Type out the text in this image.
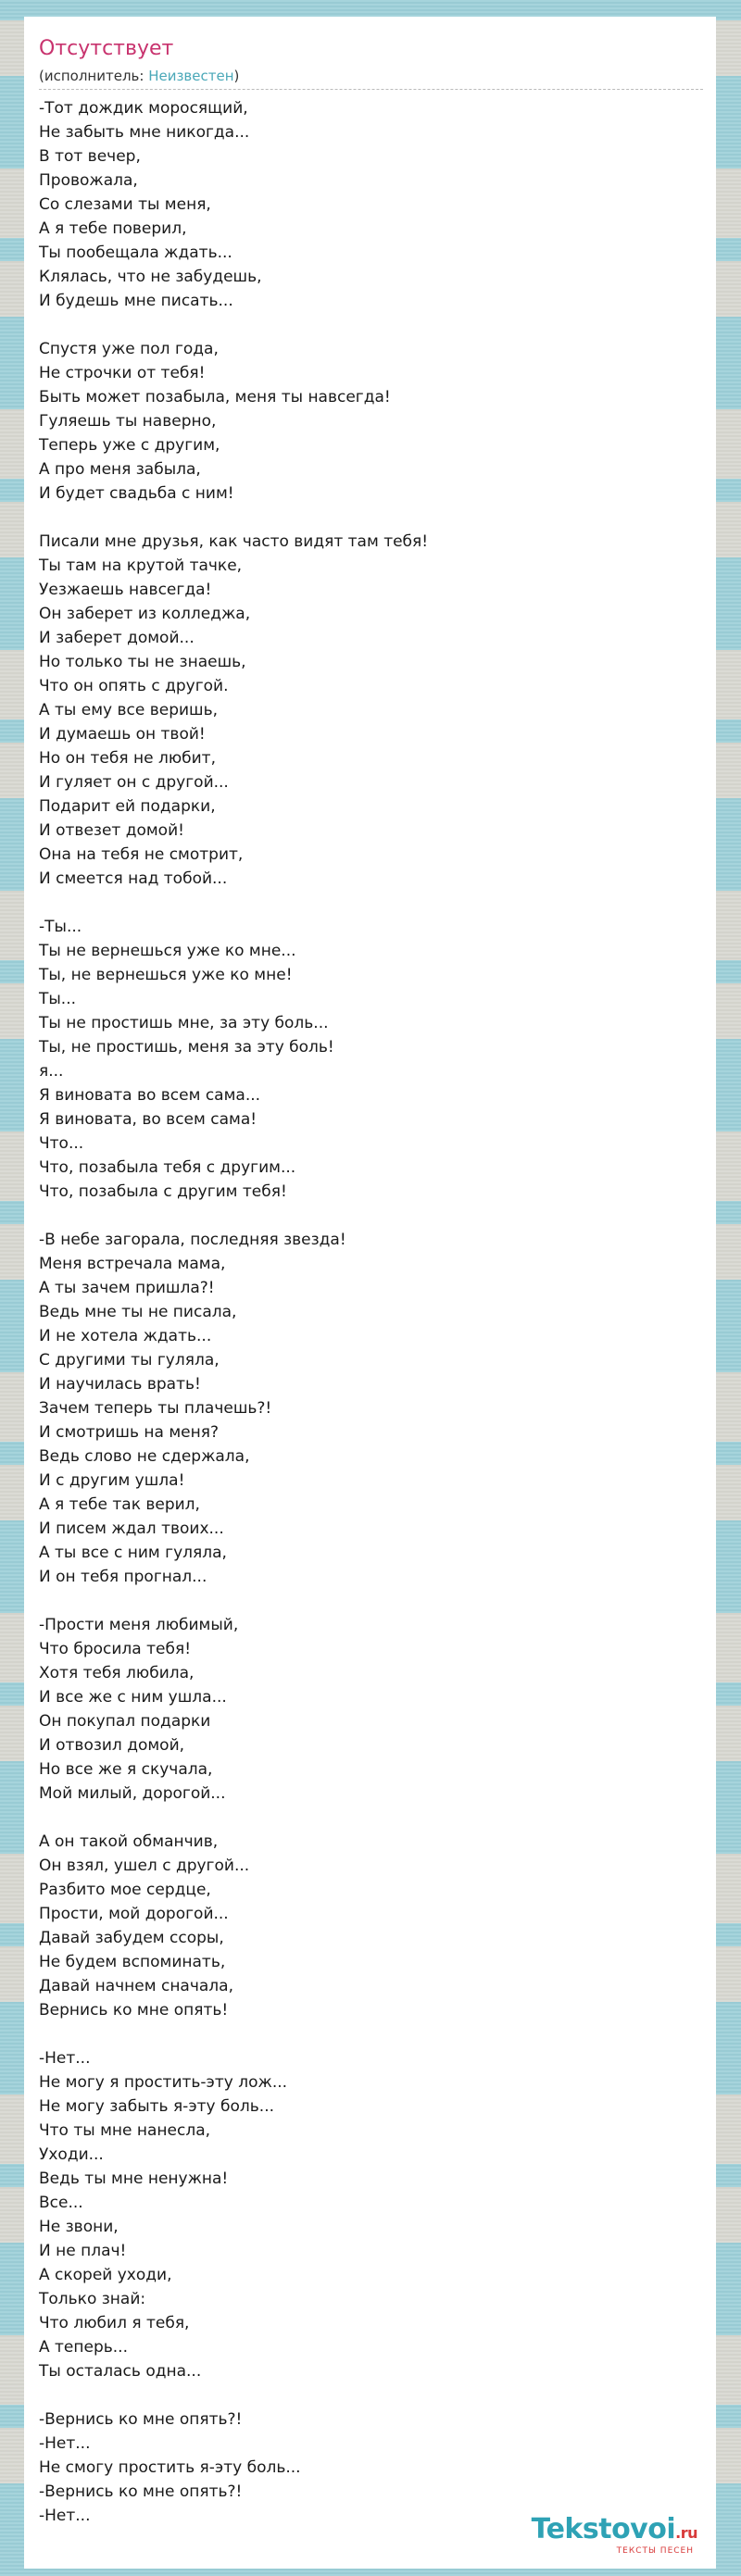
Отсутствует
(исполнитель: Неизвестен)
-Тот дождик моросящий,
Не забыть мне никогда...
В тот вечер,
Провожала,
Со слезами ты меня,
А я тебе поверил,
Ты пообещала ждать...
Клялась, что не забудешь,
И будешь мне писать...
Спустя уже пол года,
Не строчки от тебя!
Быть может позабыла, меня ты навсегда!
Гуляешь ты наверно,
Теперь уже с другим,
А про меня забыла,
И будет свадьба с ним!
Писали мне друзья, как часто видят там тебя!
Ты там на крутой тачке,
Уезжаешь навсегда!
Он заберет из колледжа,
И заберет домой...
Но только ты не знаешь,
Что он опять с другой.
А ты ему все веришь,
И думаешь он твой!
Но он тебя не любит,
И гуляет он с другой...
Подарит ей подарки,
И отвезет домой!
Она на тебя не смотрит,
И смеется над тобой...
-Ты...
Ты не вернешься уже ко мне...
Ты, не вернешься уже ко мне!
Ты...
Ты не простишь мне, за эту боль...
Ты, не простишь, меня за эту боль!
я...
Я виновата во всем сама...
Я виновата, во всем сама!
Что...
Что, позабыла тебя с другим...
Что, позабыла с другим тебя!
-В небе загорала, последняя звезда!
Меня встречала мама,
А ты зачем пришла?!
Ведь мне ты не писала,
И не хотела ждать...
С другими ты гуляла,
И научилась врать!
Зачем теперь ты плачешь?!
И смотришь на меня?
Ведь слово не сдержала,
И с другим ушла!
А я тебе так верил,
И писем ждал твоих...
А ты все с ним гуляла,
И он тебя прогнал...
-Прости меня любимый,
Что бросила тебя!
Хотя тебя любила,
И все же с ним ушла...
Он покупал подарки
И отвозил домой,
Но все же я скучала,
Мой милый, дорогой...
А он такой обманчив,
Он взял, ушел с другой...
Разбито мое сердце,
Прости, мой дорогой...
Давай забудем ссоры,
Не будем вспоминать,
Давай начнем сначала,
Вернись ко мне опять!
-Нет...
Не могу я простить-эту лож...
Не могу забыть я-эту боль...
Что ты мне нанесла,
Уходи...
Ведь ты мне ненужна!
Все...
Не звони,
И не плач!
А скорей уходи,
Только знай:
Что любил я тебя,
А теперь...
Ты осталась одна...
-Вернись ко мне опять?!
-Нет...
Не смогу простить я-эту боль...
-Вернись ко мне опять?!
-Нет...	Tekstovoi.ru
ТЕКСТЫ ПЕСЕН
